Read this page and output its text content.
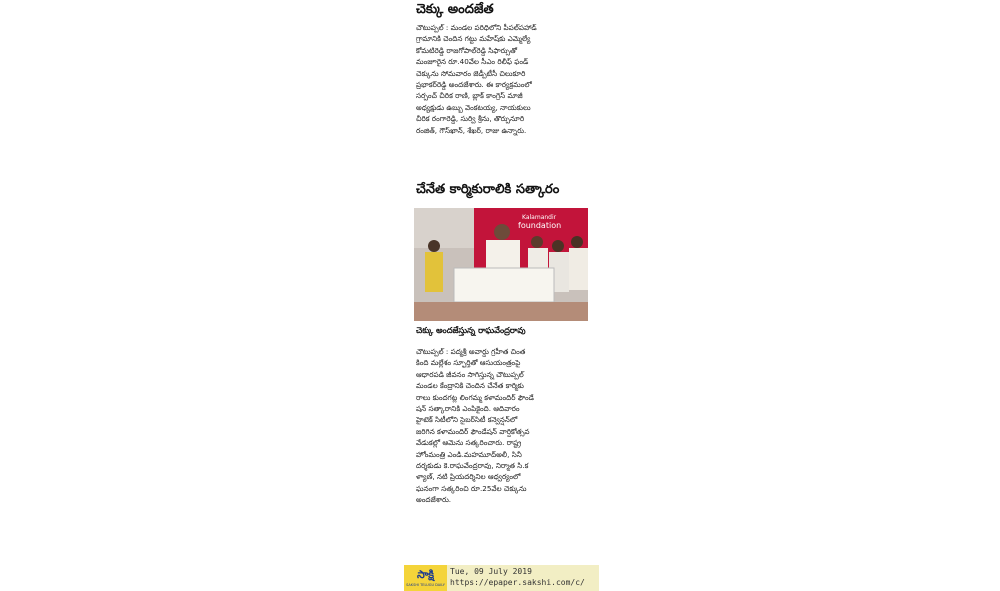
చెక్కు అందజేత
చౌటుప్పల్‌ : మండల పరిధిలోని పీపల్‌పహాడ్‌
గ్రామానికి చెందిన గట్టు మహేష్‌కు ఎమ్మెల్యే
కోమటిరెడ్డి రాజగోపాల్‌రెడ్డి సిఫార్సుతో
మంజూరైన రూ.40వేల సీఎం రిలీఫ్‌ ఫండ్‌
చెక్కును సోమవారం జెడ్పీటీసీ చిలుకూరి
ప్రభాకర్‌రెడ్డి అందజేశారు. ఈ కార్యక్రమంలో
సర్పంచ్‌ చీరిక రాణి, బ్లాక్‌ కాంగ్రెస్‌ మాజీ
అధ్యక్షుడు ఉబ్బు వెంకటయ్య, నాయకులు
చీరిక రంగారెడ్డి, సుర్వి శ్రీను, తొర్పునూరి
రంజిత్‌, గౌస్‌ఖాన్‌, శేఖర్‌, రాజు ఉన్నారు.
చేనేత కార్మికురాలికి సత్కారం
Kalamandir
foundation
చెక్కు అందజేస్తున్న రాఘవేంద్రరావు
చౌటుప్పల్‌ : పద్మశ్రీ అవార్డు గ్రహీత చింత
కింది మల్లేశం స్ఫూర్తితో ఆసుయంత్రంపై
ఆధారపడి జీవనం సాగిస్తున్న చౌటుప్పల్‌
మండల కేంద్రానికి చెందిన చేనేత కార్మికు
రాలు కుందగట్ల లింగమ్మ కళామందిర్‌ ఫౌండే
షన్‌ సత్కారానికి ఎంపికైంది. ఆదివారం
హైటెక్‌ సిటీలోని సైబర్‌సిటీ కన్వెన్షన్‌లో
జరిగిన కళామందిర్‌ ఫౌండేషన్‌ వార్షికోత్సవ
వేడుకల్లో ఆమెను సత్కరించారు. రాష్ట్ర
హోంమంత్రి ఎండి.మహమూద్‌అలీ, సినీ
దర్శకుడు కె.రాఘవేంద్రరావు, నిర్మాత సి.క
ళ్యాణ్‌, నటి ప్రియదర్శినిల ఆధ్వర్యంలో
ఘనంగా సత్కరించి రూ.25వేల చెక్కును
అందజేశారు.
సాక్షి
SAKSHI TELUGU DAILY
Tue, 09 July 2019
https://epaper.sakshi.com/c/
